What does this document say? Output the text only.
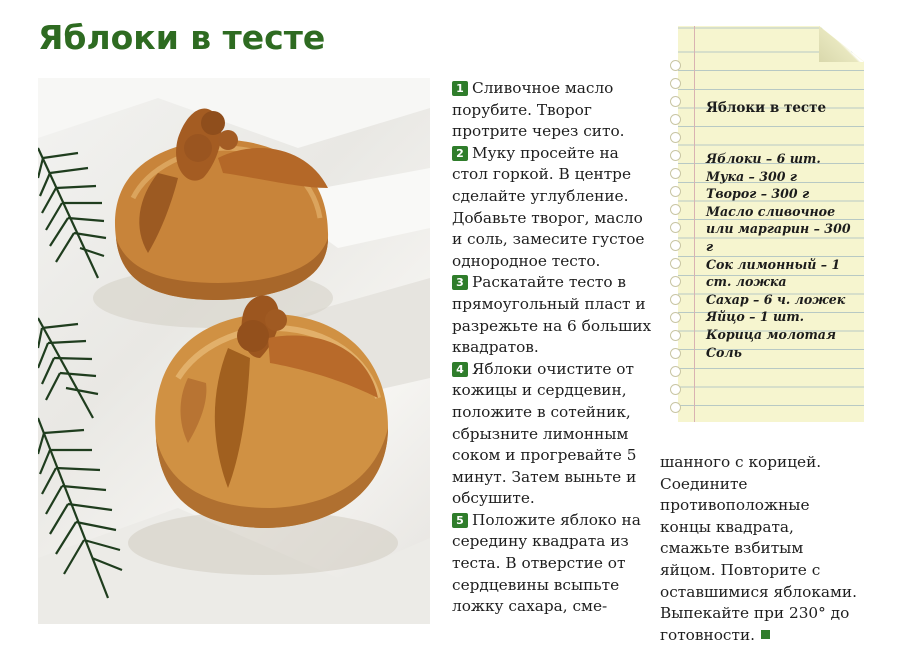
Яблоки в тесте

1 Сливочное масло порубите. Творог протрите через сито.

2 Муку просейте на стол горкой. В центре сделайте углубление. Добавьте творог, масло и соль, замесите густое однородное тесто.

3 Раскатайте тесто в прямоугольный пласт и разрежьте на 6 больших квадратов.

4 Яблоки очистите от кожицы и сердцевин, положите в сотейник, сбрызните лимонным соком и прогревайте 5 минут. Затем выньте и обсушите.

5 Положите яблоко на середину квадрата из теста. В отверстие от сердцевины всыпьте ложку сахара, сме-

шанного с корицей. Соедините противоположные концы квадрата, смажьте взбитым яйцом. Повторите с оставшимися яблоками. Выпекайте при 230° до готовности.
Яблоки в тесте

Яблоки – 6 шт.

Мука – 300 г

Творог – 300 г

Масло сливочное или маргарин – 300 г

Сок лимонный – 1 ст. ложка

Сахар – 6 ч. ложек

Яйцо – 1 шт.

Корица молотая

Соль
